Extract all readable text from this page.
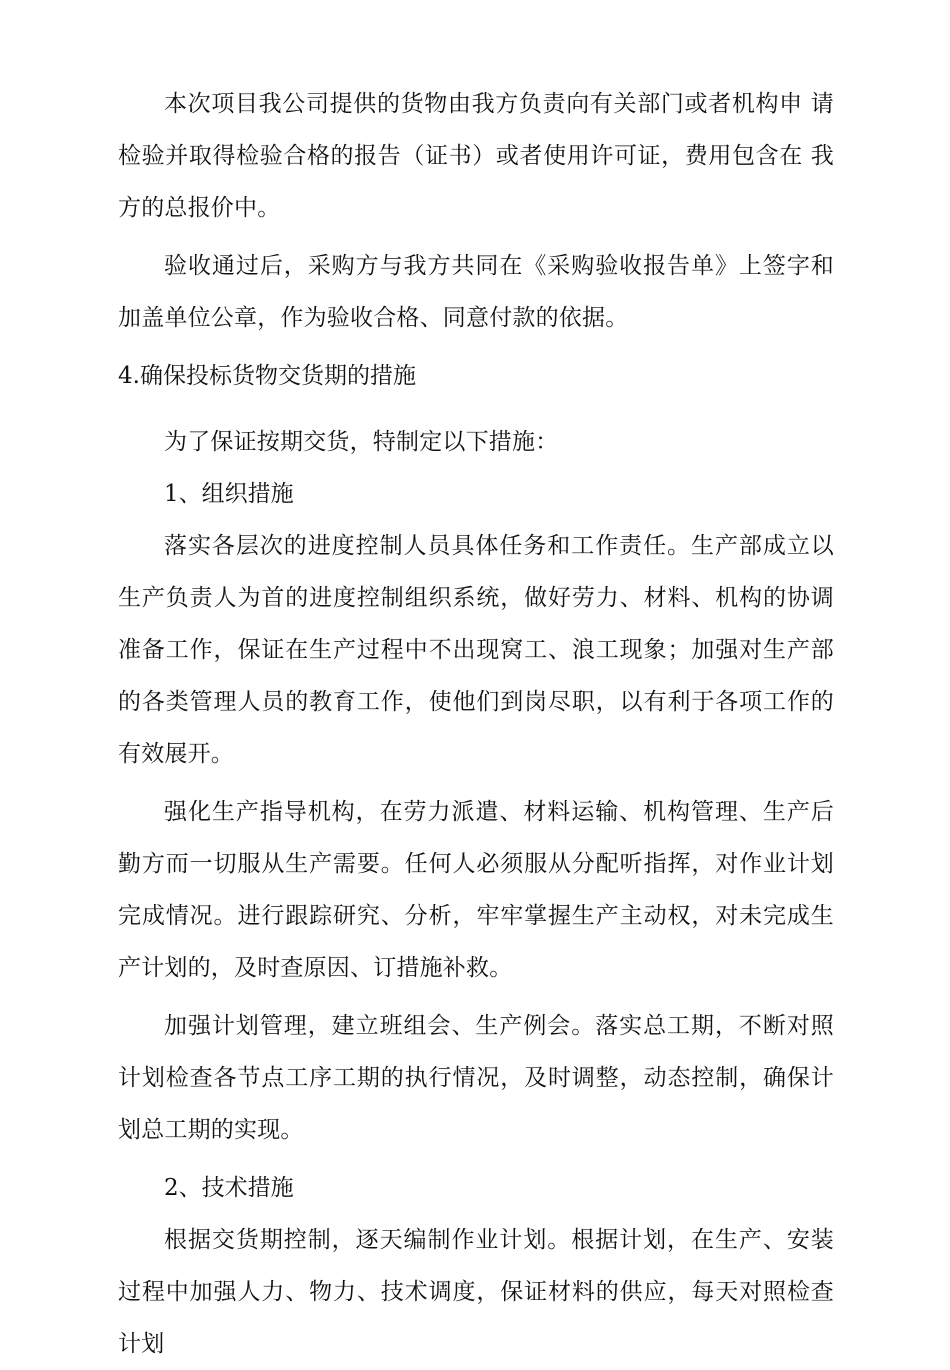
本次项目我公司提供的货物由我方负责向有关部门或者机构申 请检验并取得检验合格的报告（证书）或者使用许可证，费用包含在 我方的总报价中。

验收通过后，采购方与我方共同在《采购验收报告单》上签字和 加盖单位公章，作为验收合格、同意付款的依据。

4.确保投标货物交货期的措施

为了保证按期交货，特制定以下措施：

1、组织措施

落实各层次的进度控制人员具体任务和工作责任。生产部成立以 生产负责人为首的进度控制组织系统，做好劳力、材料、机构的协调 准备工作，保证在生产过程中不出现窝工、浪工现象；加强对生产部 的各类管理人员的教育工作，使他们到岗尽职，以有利于各项工作的 有效展开。

强化生产指导机构，在劳力派遣、材料运输、机构管理、生产后 勤方而一切服从生产需要。任何人必须服从分配听指挥，对作业计划 完成情况。进行跟踪研究、分析，牢牢掌握生产主动权，对未完成生 产计划的，及时查原因、订措施补救。

加强计划管理，建立班组会、生产例会。落实总工期，不断对照 计划检查各节点工序工期的执行情况，及时调整，动态控制，确保计 划总工期的实现。

2、技术措施

根据交货期控制，逐天编制作业计划。根据计划，在生产、安装 过程中加强人力、物力、技术调度，保证材料的供应，每天对照检查 计划
